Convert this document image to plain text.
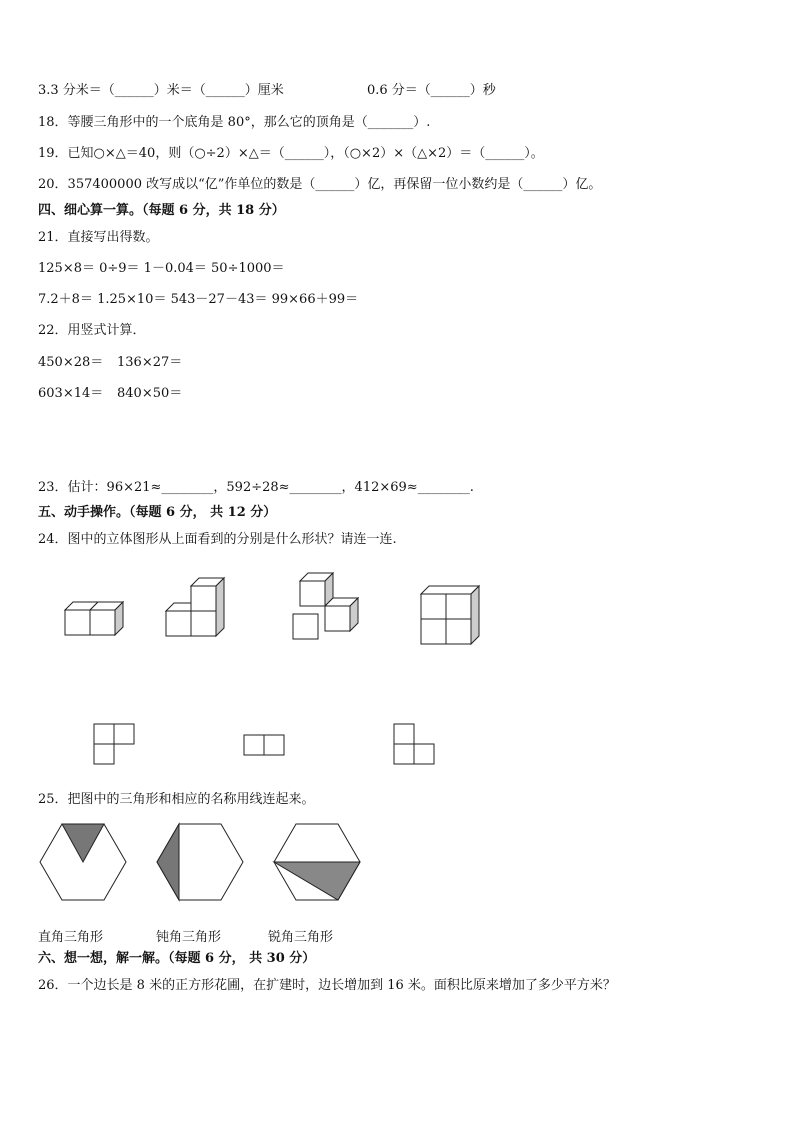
3.3 分米＝（______）米＝（______）厘米	0.6 分＝（______）秒
18．等腰三角形中的一个底角是 80°，那么它的顶角是（_______）.
19．已知○×△＝40，则（○÷2）×△＝（______），（○×2）×（△×2）＝（______）。
20．357400000 改写成以“亿”作单位的数是（______）亿，再保留一位小数约是（______）亿。
四、细心算一算。（每题 6 分，共 18 分）
21．直接写出得数。
125×8＝ 0÷9＝ 1－0.04＝ 50÷1000＝
7.2＋8＝ 1.25×10＝ 543－27－43＝ 99×66＋99＝
22．用竖式计算．
450×28＝ 136×27＝
603×14＝ 840×50＝
23．估计：96×21≈________，592÷28≈________，412×69≈________.
五、动手操作。（每题 6 分， 共 12 分）
24．图中的立体图形从上面看到的分别是什么形状？请连一连.
25．把图中的三角形和相应的名称用线连起来。
直角三角形	钝角三角形	锐角三角形
六、想一想，解一解。（每题 6 分， 共 30 分）
26．一个边长是 8 米的正方形花圃，在扩建时，边长增加到 16 米。面积比原来增加了多少平方米？
